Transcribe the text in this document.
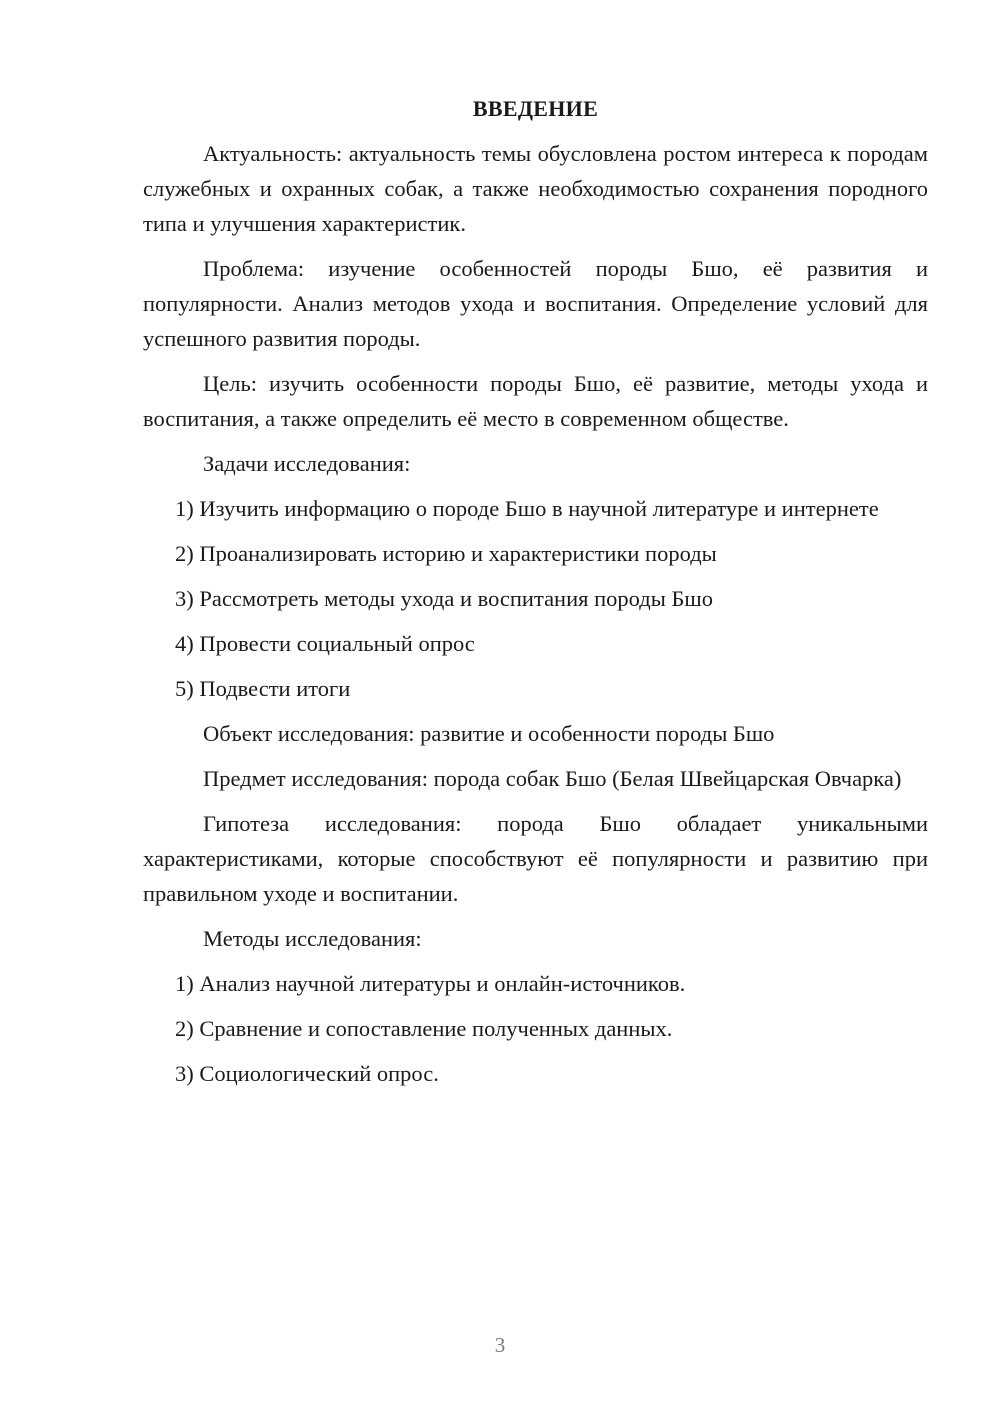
ВВЕДЕНИЕ

Актуальность: актуальность темы обусловлена ростом интереса к породам служебных и охранных собак, а также необходимостью сохранения породного типа и улучшения характеристик.

Проблема: изучение особенностей породы Бшо, её развития и популярности. Анализ методов ухода и воспитания. Определение условий для успешного развития породы.

Цель: изучить особенности породы Бшо, её развитие, методы ухода и воспитания, а также определить её место в современном обществе.

Задачи исследования:

1) Изучить информацию о породе Бшо в научной литературе и интернете

2) Проанализировать историю и характеристики породы

3) Рассмотреть методы ухода и воспитания породы Бшо

4) Провести социальный опрос

5) Подвести итоги

Объект исследования: развитие и особенности породы Бшо

Предмет исследования: порода собак Бшо (Белая Швейцарская Овчарка)

Гипотеза исследования: порода Бшо обладает уникальными характеристиками, которые способствуют её популярности и развитию при правильном уходе и воспитании.

Методы исследования:

1) Анализ научной литературы и онлайн-источников.

2) Сравнение и сопоставление полученных данных.

3) Социологический опрос.

3
